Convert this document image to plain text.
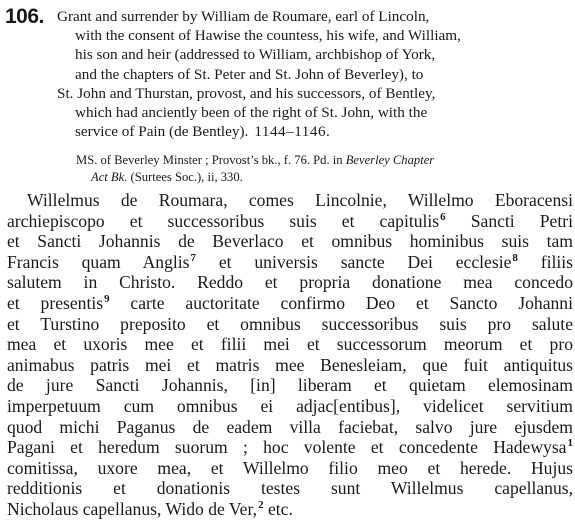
106. Grant and surrender by William de Roumare, earl of Lincoln,
with the consent of Hawise the countess, his wife, and William,
his son and heir (addressed to William, archbishop of York,
and the chapters of St. Peter and St. John of Beverley), to
St. John and Thurstan, provost, and his successors, of Bentley,
which had anciently been of the right of St. John, with the
service of Pain (de Bentley). 1144–1146.
MS. of Beverley Minster ; Provost’s bk., f. 76. Pd. in Beverley Chapter
Act Bk. (Surtees Soc.), ii, 330.
Willelmus de Roumara, comes Lincolnie, Willelmo Eboracensi
archiepiscopo et successoribus suis et capitulis$^6$ Sancti Petri
et Sancti Johannis de Beverlaco et omnibus hominibus suis tam
Francis quam Anglis$^7$ et universis sancte Dei ecclesie$^8$ filiis
salutem in Christo. Reddo et propria donatione mea concedo
et presentis$^9$ carte auctoritate confirmo Deo et Sancto Johanni
et Turstino preposito et omnibus successoribus suis pro salute
mea et uxoris mee et filii mei et successorum meorum et pro
animabus patris mei et matris mee Benesleiam, que fuit antiquitus
de jure Sancti Johannis, [in] liberam et quietam elemosinam
imperpetuum cum omnibus ei adjac[entibus], videlicet servitium
quod michi Paganus de eadem villa faciebat, salvo jure ejusdem
Pagani et heredum suorum ; hoc volente et concedente Hadewysa$^1$
comitissa, uxore mea, et Willelmo filio meo et herede. Hujus
redditionis et donationis testes sunt Willelmus capellanus,
Nicholaus capellanus, Wido de Ver,$^2$ etc.
